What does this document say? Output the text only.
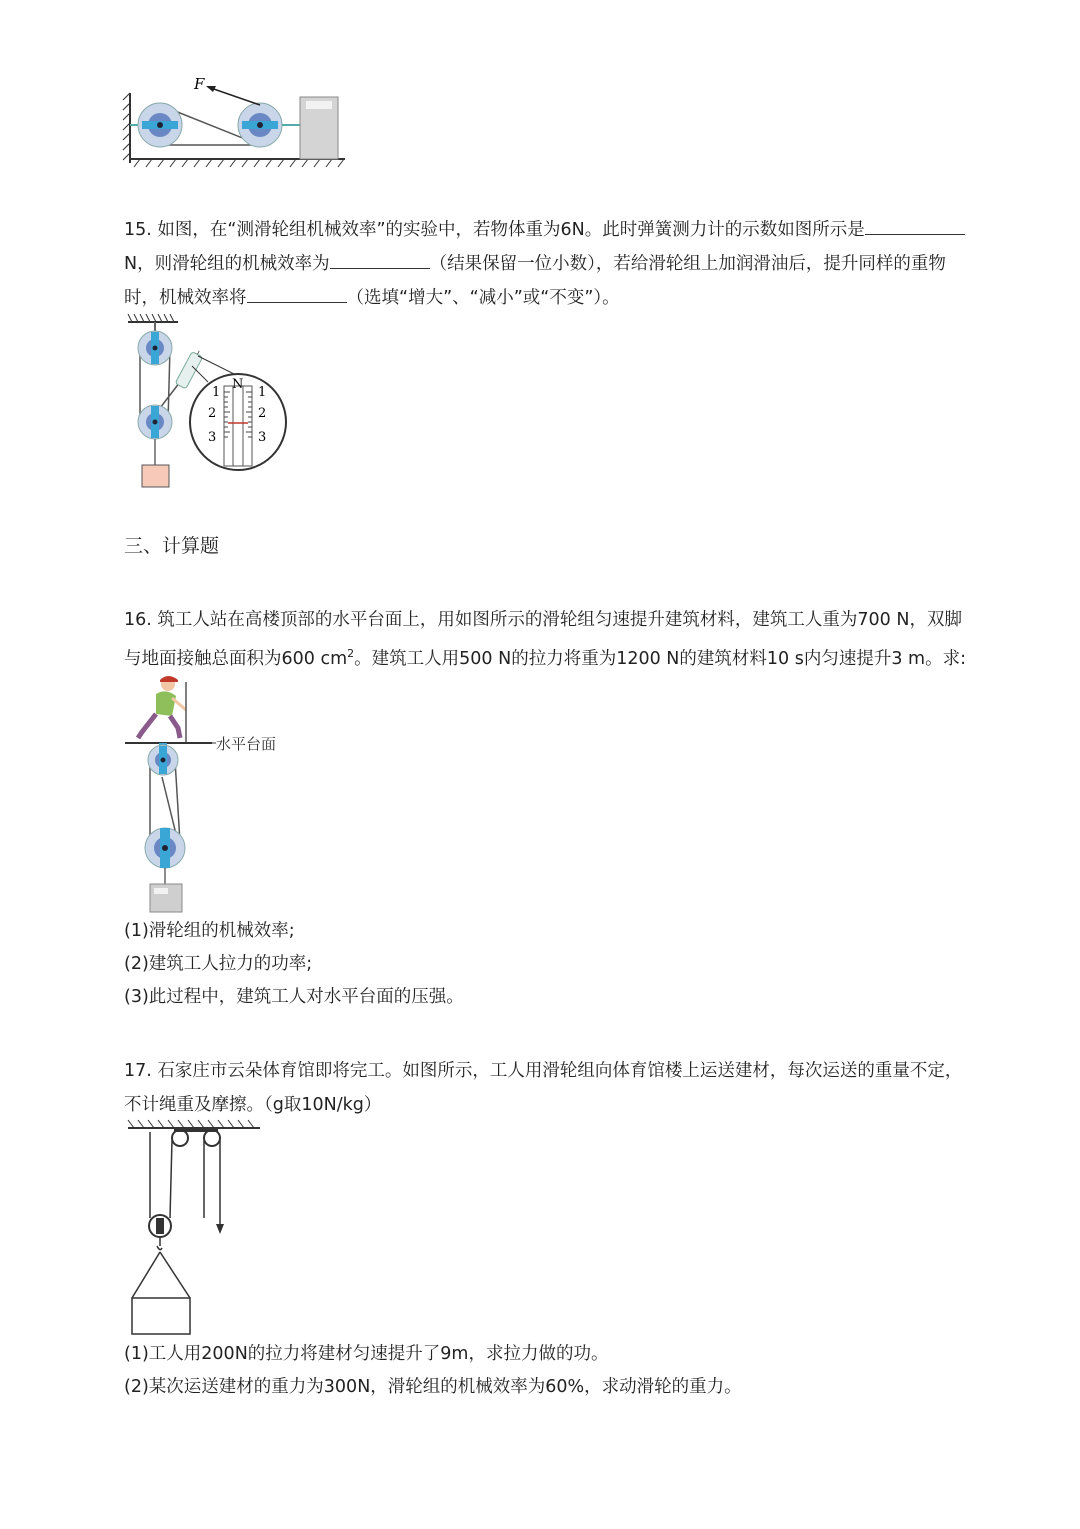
F
15. 如图，在“测滑轮组机械效率”的实验中，若物体重为6N。此时弹簧测力计的示数如图所示是
N，则滑轮组的机械效率为	（结果保留一位小数），若给滑轮组上加润滑油后，提升同样的重物
时，机械效率将	（选填“增大”、“减小”或“不变”）。
N
1
2
3
1
2
3
三、计算题
16. 筑工人站在高楼顶部的水平台面上，用如图所示的滑轮组匀速提升建筑材料，建筑工人重为700 N，双脚
与地面接触总面积为600 $cm^2$。建筑工人用500 N的拉力将重为1200 N的建筑材料10 s内匀速提升3 m。求:
水平台面
(1)滑轮组的机械效率;
(2)建筑工人拉力的功率;
(3)此过程中，建筑工人对水平台面的压强。
17. 石家庄市云朵体育馆即将完工。如图所示，工人用滑轮组向体育馆楼上运送建材，每次运送的重量不定，
不计绳重及摩擦。（g取10N/kg）
(1)工人用200N的拉力将建材匀速提升了9m，求拉力做的功。
(2)某次运送建材的重力为300N，滑轮组的机械效率为60%，求动滑轮的重力。
